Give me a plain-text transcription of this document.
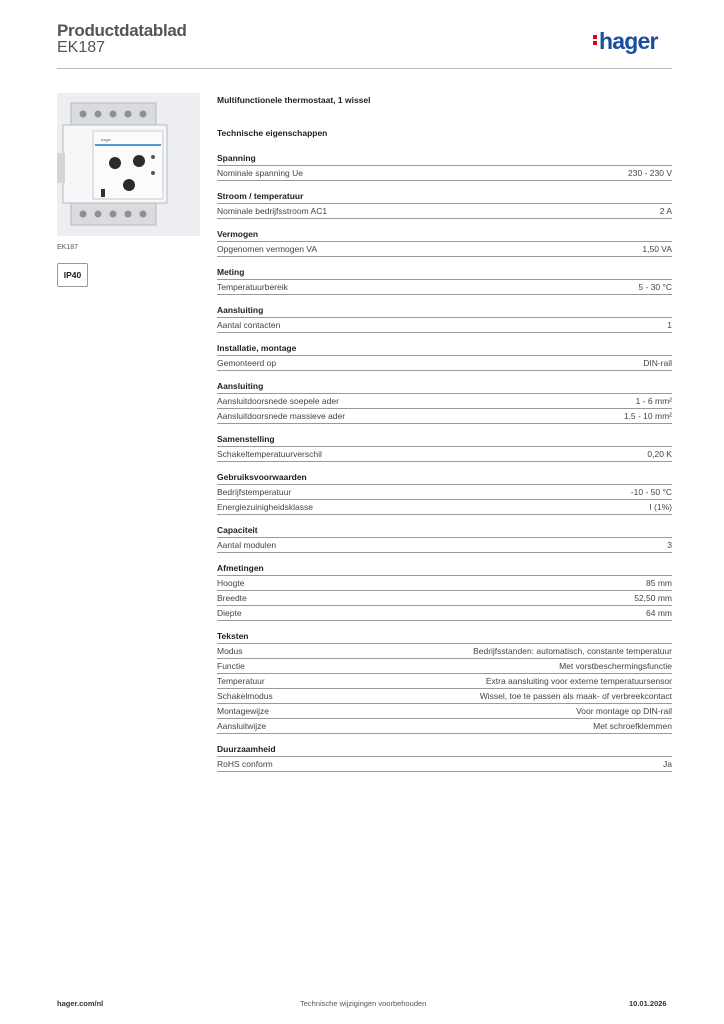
Productdatablad
EK187	hager
hager
EK187
IP40
Multifunctionele thermostaat, 1 wissel
Technische eigenschappen
Spanning
Nominale spanning Ue	230 - 230 V
Stroom / temperatuur
Nominale bedrijfsstroom AC1	2 A
Vermogen
Opgenomen vermogen VA	1,50 VA
Meting
Temperatuurbereik	5 - 30 °C
Aansluiting
Aantal contacten	1
Installatie, montage
Gemonteerd op	DIN-rail
Aansluiting
Aansluitdoorsnede soepele ader	1 - 6 mm²
Aansluitdoorsnede massieve ader	1.5 - 10 mm²
Samenstelling
Schakeltemperatuurverschil	0,20 K
Gebruiksvoorwaarden
Bedrijfstemperatuur	-10 - 50 °C
Energiezuinigheidsklasse	I (1%)
Capaciteit
Aantal modulen	3
Afmetingen
Hoogte	85 mm
Breedte	52,50 mm
Diepte	64 mm
Teksten
Modus	Bedrijfsstanden: automatisch, constante temperatuur
Functie	Met vorstbeschermingsfunctie
Temperatuur	Extra aansluiting voor externe temperatuursensor
Schakelmodus	Wissel, toe te passen als maak- of verbreekcontact
Montagewijze	Voor montage op DIN-rail
Aansluitwijze	Met schroefklemmen
Duurzaamheid
RoHS conform	Ja
hager.com/nl	Technische wijzigingen voorbehouden	10.01.2026
